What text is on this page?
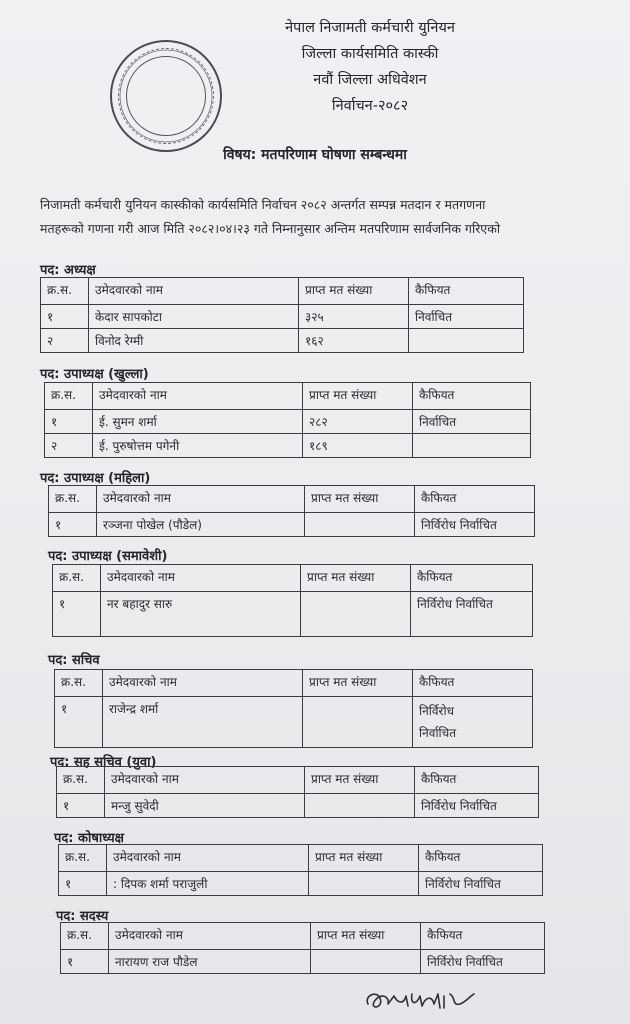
नेपाल निजामती कर्मचारी युनियन
जिल्ला कार्यसमिति कास्की
नवौं जिल्ला अधिवेशन
निर्वाचन-२०८२
विषय: मतपरिणाम घोषणा सम्बन्धमा
निजामती कर्मचारी युनियन कास्कीको कार्यसमिति निर्वाचन २०८२ अन्तर्गत सम्पन्न मतदान र मतगणना
मतहरूको गणना गरी आज मिति २०८२।०४।२३ गते निम्नानुसार अन्तिम मतपरिणाम सार्वजनिक गरिएको
पद: अध्यक्ष
क्र.स.	उमेदवारको नाम	प्राप्त मत संख्या	कैफियत
१	केदार सापकोटा	३२५	निर्वाचित
२	विनोद रेग्मी	१६२	
पद: उपाध्यक्ष (खुल्ला)
क्र.स.	उमेदवारको नाम	प्राप्त मत संख्या	कैफियत
१	ई. सुमन शर्मा	२८२	निर्वाचित
२	ई. पुरुषोत्तम पगेनी	१८९	
पद: उपाध्यक्ष (महिला)
क्र.स.	उमेदवारको नाम	प्राप्त मत संख्या	कैफियत
१	रञ्जना पोखेल (पौडेल)		निर्विरोध निर्वाचित
पद: उपाध्यक्ष (समावेशी)
क्र.स.	उमेदवारको नाम	प्राप्त मत संख्या	कैफियत
१	नर बहादुर सारु		निर्विरोध निर्वाचित
पद: सचिव
क्र.स.	उमेदवारको नाम	प्राप्त मत संख्या	कैफियत
१	राजेन्द्र शर्मा		निर्विरोध
निर्वाचित
पद: सह सचिव (युवा)
क्र.स.	उमेदवारको नाम	प्राप्त मत संख्या	कैफियत
१	मन्जु सुवेदी		निर्विरोध निर्वाचित
पद: कोषाध्यक्ष
क्र.स.	उमेदवारको नाम	प्राप्त मत संख्या	कैफियत
१	: दिपक शर्मा पराजुली		निर्विरोध निर्वाचित
पद: सदस्य
क्र.स.	उमेदवारको नाम	प्राप्त मत संख्या	कैफियत
१	नारायण राज पौडेल		निर्विरोध निर्वाचित
